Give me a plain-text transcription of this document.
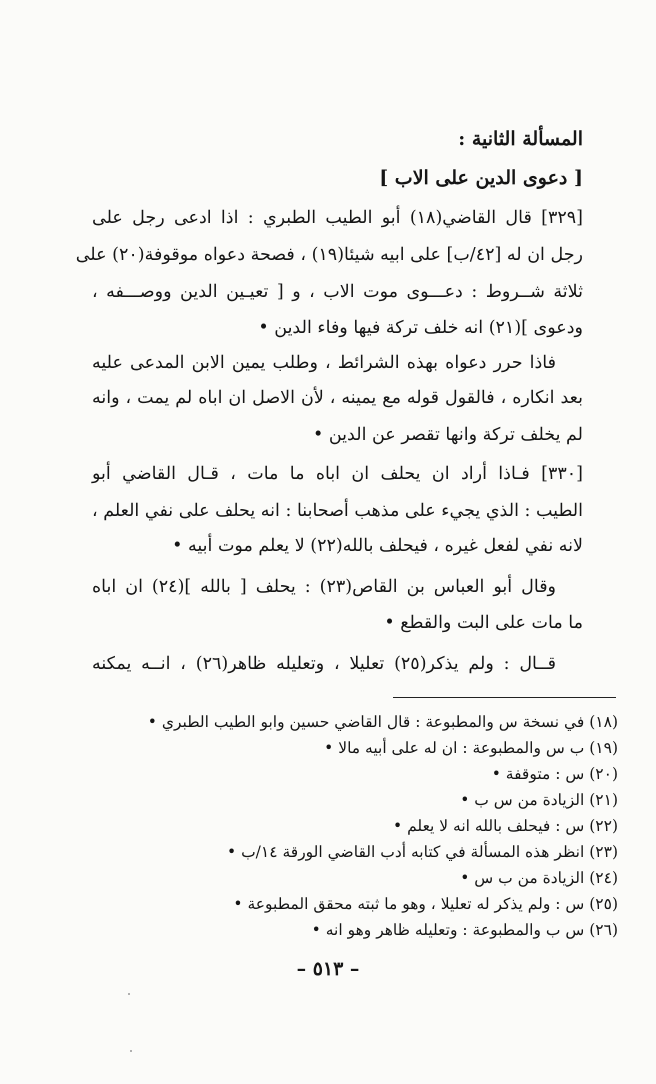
المسألة الثانية :
[ دعوى الدين على الاب ]
[٣٢٩] قال القاضي(١٨) أبو الطيب الطبري : اذا ادعى رجل على
رجل ان له [٤٢/ب] على ابيه شيئا(١٩) ، فصحة دعواه موقوفة(٢٠) على
ثلاثة شــروط : دعـــوى موت الاب ، و [ تعيـين الدين ووصـــفه ،
ودعوى ](٢١) انه خلف تركة فيها وفاء الدين •
فاذا حرر دعواه بهذه الشرائط ، وطلب يمين الابن المدعى عليه
بعد انكاره ، فالقول قوله مع يمينه ، لأن الاصل ان اباه لم يمت ، وانه
لم يخلف تركة وانها تقصر عن الدين •
[٣٣٠] فـاذا أراد ان يحلف ان اباه ما مات ، قـال القاضي أبو
الطيب : الذي يجيء على مذهب أصحابنا : انه يحلف على نفي العلم ،
لانه نفي لفعل غيره ، فيحلف بالله(٢٢) لا يعلم موت أبيه •
وقال أبو العباس بن القاص(٢٣) : يحلف [ بالله ](٢٤) ان اباه
ما مات على البت والقطع •
قــال : ولم يذكر(٢٥) تعليلا ، وتعليله ظاهر(٢٦) ، انــه يمكنه
(١٨) في نسخة س والمطبوعة : قال القاضي حسين وابو الطيب الطبري •
(١٩) ب س والمطبوعة : ان له على أبيه مالا •
(٢٠) س : متوقفة •
(٢١) الزيادة من س ب •
(٢٢) س : فيحلف بالله انه لا يعلم •
(٢٣) انظر هذه المسألة في كتابه أدب القاضي الورقة ١٤/ب •
(٢٤) الزيادة من ب س •
(٢٥) س : ولم يذكر له تعليلا ، وهو ما ثبته محقق المطبوعة •
(٢٦) س ب والمطبوعة : وتعليله ظاهر وهو انه •
– ٥١٣ –
